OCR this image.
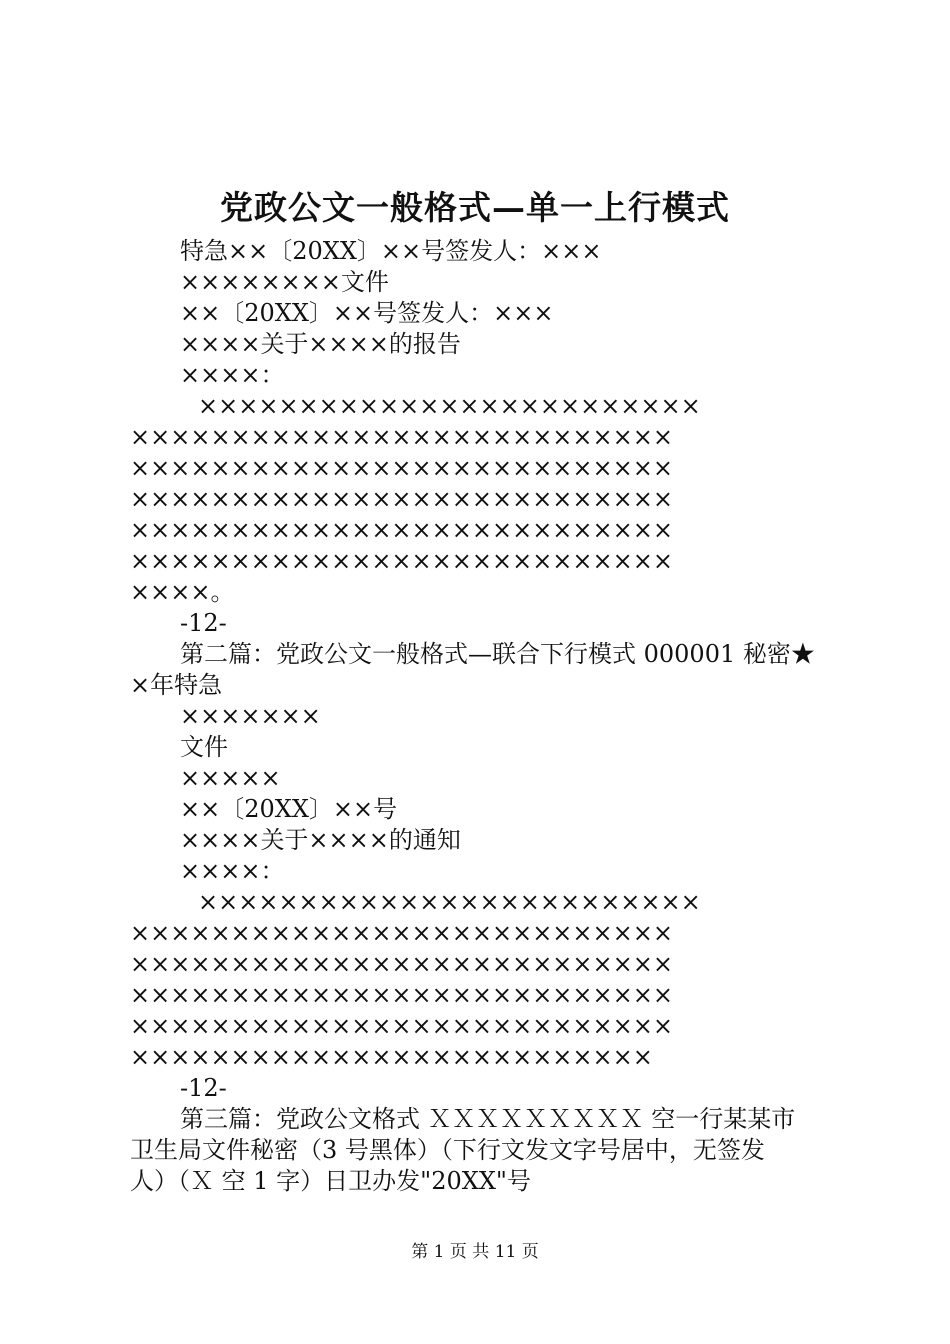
党政公文一般格式—单一上行模式
特急××〔20XX〕××号签发人：×××
××××××××文件
××〔20XX〕××号签发人：×××
××××关于××××的报告
××××：
×××××××××××××××××××××××××
×××××××××××××××××××××××××××
×××××××××××××××××××××××××××
×××××××××××××××××××××××××××
×××××××××××××××××××××××××××
×××××××××××××××××××××××××××
××××。
-12-
第二篇：党政公文一般格式—联合下行模式 000001 秘密★
×年特急
×××××××
文件
×××××
××〔20XX〕××号
××××关于××××的通知
××××：
×××××××××××××××××××××××××
×××××××××××××××××××××××××××
×××××××××××××××××××××××××××
×××××××××××××××××××××××××××
×××××××××××××××××××××××××××
××××××××××××××××××××××××××
-12-
第三篇：党政公文格式 ＸＸＸＸＸＸＸＸＸ 空一行某某市
卫生局文件秘密（3 号黑体）（下行文发文字号居中，无签发
人）（Ｘ 空 1 字）日卫办发"20XX"号
第 1 页 共 11 页
